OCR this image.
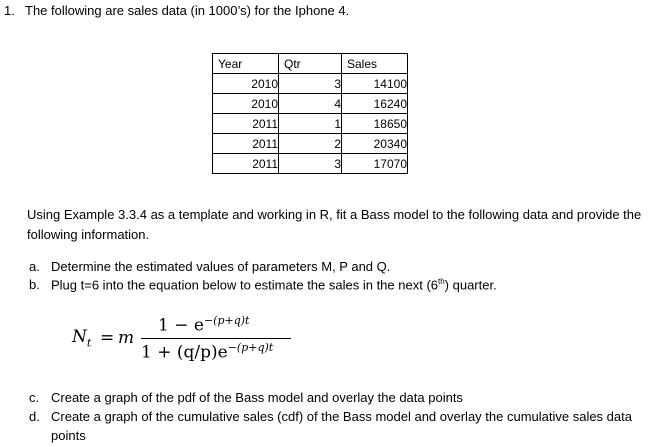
1. The following are sales data (in 1000’s) for the Iphone 4.
Year	Qtr	Sales
2010	3	14100
2010	4	16240
2011	1	18650
2011	2	20340
2011	3	17070
Using Example 3.3.4 as a template and working in R, fit a Bass model to the following data and provide the
following information.
a. Determine the estimated values of parameters M, P and Q.
b. Plug t=6 into the equation below to estimate the sales in the next (6th) quarter.
$N_t = m$
$1 - e^{-(p+q)t}$
$1 + (q/p)e^{-(p+q)t}$
c. Create a graph of the pdf of the Bass model and overlay the data points
d. Create a graph of the cumulative sales (cdf) of the Bass model and overlay the cumulative sales data
points
